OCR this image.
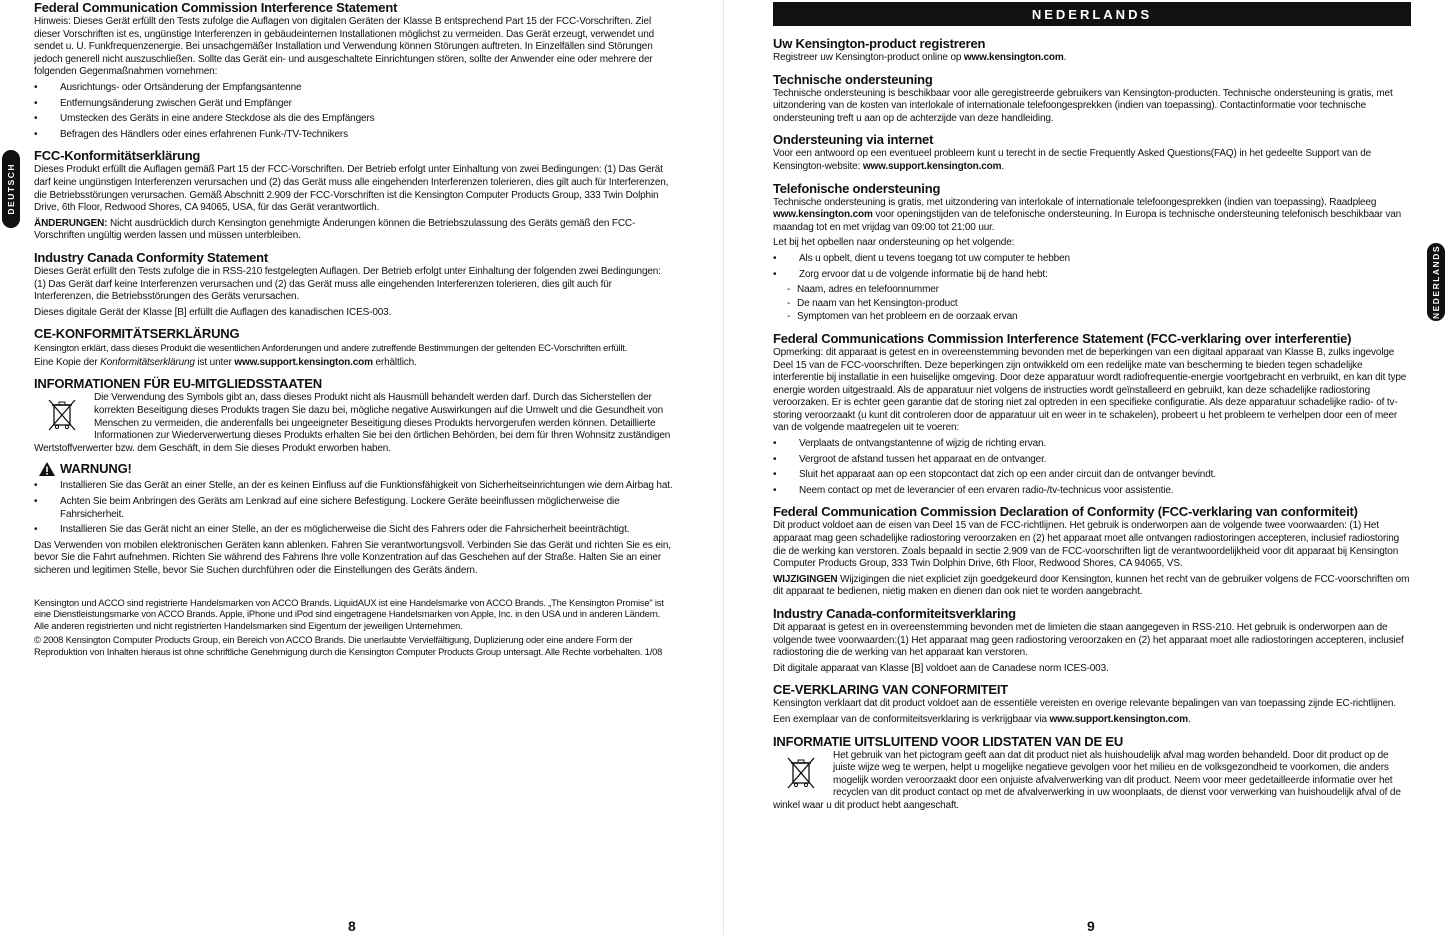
DEUTSCH
Federal Communication Commission Interference Statement

Hinweis: Dieses Gerät erfüllt den Tests zufolge die Auflagen von digitalen Geräten der Klasse B entsprechend Part 15 der FCC-Vorschriften. Ziel dieser Vorschriften ist es, ungünstige Interferenzen in gebäudeinternen Installationen möglichst zu vermeiden. Das Gerät erzeugt, verwendet und sendet u. U. Funkfrequenzenergie. Bei unsachgemäßer Installation und Verwendung können Störungen auftreten. In Einzelfällen sind Störungen jedoch generell nicht auszuschließen. Sollte das Gerät ein- und ausgeschaltete Einrichtungen stören, sollte der Anwender eine oder mehrere der folgenden Gegenmaßnahmen vornehmen:

• Ausrichtungs- oder Ortsänderung der Empfangsantenne
• Entfernungsänderung zwischen Gerät und Empfänger
• Umstecken des Geräts in eine andere Steckdose als die des Empfängers
• Befragen des Händlers oder eines erfahrenen Funk-/TV-Technikers
FCC-Konformitätserklärung

Dieses Produkt erfüllt die Auflagen gemäß Part 15 der FCC-Vorschriften. Der Betrieb erfolgt unter Einhaltung von zwei Bedingungen: (1) Das Gerät darf keine ungünstigen Interferenzen verursachen und (2) das Gerät muss alle eingehenden Interferenzen tolerieren, dies gilt auch für Interferenzen, die Betriebsstörungen verursachen. Gemäß Abschnitt 2.909 der FCC-Vorschriften ist die Kensington Computer Products Group, 333 Twin Dolphin Drive, 6th Floor, Redwood Shores, CA 94065, USA, für das Gerät verantwortlich.

ÄNDERUNGEN: Nicht ausdrücklich durch Kensington genehmigte Änderungen können die Betriebszulassung des Geräts gemäß den FCC-Vorschriften ungültig werden lassen und müssen unterbleiben.

Industry Canada Conformity Statement

Dieses Gerät erfüllt den Tests zufolge die in RSS-210 festgelegten Auflagen. Der Betrieb erfolgt unter Einhaltung der folgenden zwei Bedingungen: (1) Das Gerät darf keine Interferenzen verursachen und (2) das Gerät muss alle eingehenden Interferenzen tolerieren, dies gilt auch für Interferenzen, die Betriebsstörungen des Geräts verursachen.

Dieses digitale Gerät der Klasse [B] erfüllt die Auflagen des kanadischen ICES-003.

CE-KONFORMITÄTSERKLÄRUNG

Kensington erklärt, dass dieses Produkt die wesentlichen Anforderungen und andere zutreffende Bestimmungen der geltenden EC-Vorschriften erfüllt.

Eine Kopie der Konformitätserklärung ist unter www.support.kensington.com erhältlich.

INFORMATIONEN FÜR EU-MITGLIEDSSTAATEN

Die Verwendung des Symbols gibt an, dass dieses Produkt nicht als Hausmüll behandelt werden darf. Durch das Sicherstellen der korrekten Beseitigung dieses Produkts tragen Sie dazu bei, mögliche negative Auswirkungen auf die Umwelt und die Gesundheit von Menschen zu vermeiden, die anderenfalls bei ungeeigneter Beseitigung dieses Produkts hervorgerufen werden können. Detaillierte Informationen zur Wiederverwertung dieses Produkts erhalten Sie bei den örtlichen Behörden, bei dem für Ihren Wohnsitz zuständigen Wertstoffverwerter bzw. dem Geschäft, in dem Sie dieses Produkt erworben haben.

WARNUNG!
• Installieren Sie das Gerät an einer Stelle, an der es keinen Einfluss auf die Funktionsfähigkeit von Sicherheitseinrichtungen wie dem Airbag hat.
• Achten Sie beim Anbringen des Geräts am Lenkrad auf eine sichere Befestigung. Lockere Geräte beeinflussen möglicherweise die Fahrsicherheit.
• Installieren Sie das Gerät nicht an einer Stelle, an der es möglicherweise die Sicht des Fahrers oder die Fahrsicherheit beeinträchtigt.

Das Verwenden von mobilen elektronischen Geräten kann ablenken. Fahren Sie verantwortungsvoll. Verbinden Sie das Gerät und richten Sie es ein, bevor Sie die Fahrt aufnehmen. Richten Sie während des Fahrens Ihre volle Konzentration auf das Geschehen auf der Straße. Halten Sie an einer sicheren und legitimen Stelle, bevor Sie Suchen durchführen oder die Einstellungen des Geräts ändern.

Kensington und ACCO sind registrierte Handelsmarken von ACCO Brands. LiquidAUX ist eine Handelsmarke von ACCO Brands. „The Kensington Promise" ist eine Dienstleistungsmarke von ACCO Brands. Apple, iPhone und iPod sind eingetragene Handelsmarken von Apple, Inc. in den USA und in anderen Ländern. Alle anderen registrierten und nicht registrierten Handelsmarken sind Eigentum der jeweiligen Unternehmen.

© 2008 Kensington Computer Products Group, ein Bereich von ACCO Brands. Die unerlaubte Vervielfältigung, Duplizierung oder eine andere Form der Reproduktion von Inhalten hieraus ist ohne schriftliche Genehmigung durch die Kensington Computer Products Group untersagt. Alle Rechte vorbehalten. 1/08

8
NEDERLANDS
NEDERLANDS
Uw Kensington-product registreren

Registreer uw Kensington-product online op www.kensington.com.

Technische ondersteuning

Technische ondersteuning is beschikbaar voor alle geregistreerde gebruikers van Kensington-producten. Technische ondersteuning is gratis, met uitzondering van de kosten van interlokale of internationale telefoongesprekken (indien van toepassing). Contactinformatie voor technische ondersteuning treft u aan op de achterzijde van deze handleiding.

Ondersteuning via internet

Voor een antwoord op een eventueel probleem kunt u terecht in de sectie Frequently Asked Questions(FAQ) in het gedeelte Support van de Kensington-website: www.support.kensington.com.

Telefonische ondersteuning

Technische ondersteuning is gratis, met uitzondering van interlokale of internationale telefoongesprekken (indien van toepassing). Raadpleeg www.kensington.com voor openingstijden van de telefonische ondersteuning. In Europa is technische ondersteuning telefonisch beschikbaar van maandag tot en met vrijdag van 09:00 tot 21:00 uur.

Let bij het opbellen naar ondersteuning op het volgende:

• Als u opbelt, dient u tevens toegang tot uw computer te hebben
• Zorg ervoor dat u de volgende informatie bij de hand hebt:
- Naam, adres en telefoonnummer
- De naam van het Kensington-product
- Symptomen van het probleem en de oorzaak ervan
Federal Communications Commission Interference Statement (FCC-verklaring over interferentie)

Opmerking: dit apparaat is getest en in overeenstemming bevonden met de beperkingen van een digitaal apparaat van Klasse B, zulks ingevolge Deel 15 van de FCC-voorschriften. Deze beperkingen zijn ontwikkeld om een redelijke mate van bescherming te bieden tegen schadelijke interferentie bij installatie in een huiselijke omgeving. Door deze apparatuur wordt radiofrequentie-energie voortgebracht en verbruikt, en kan dit type energie worden uitgestraald. Als de apparatuur niet volgens de instructies wordt geïnstalleerd en gebruikt, kan deze schadelijke radiostoring veroorzaken. Er is echter geen garantie dat de storing niet zal optreden in een specifieke configuratie. Als deze apparatuur schadelijke radio- of tv-storing veroorzaakt (u kunt dit controleren door de apparatuur uit en weer in te schakelen), probeert u het probleem te verhelpen door een of meer van de volgende maatregelen uit te voeren:

• Verplaats de ontvangstantenne of wijzig de richting ervan.
• Vergroot de afstand tussen het apparaat en de ontvanger.
• Sluit het apparaat aan op een stopcontact dat zich op een ander circuit dan de ontvanger bevindt.
• Neem contact op met de leverancier of een ervaren radio-/tv-technicus voor assistentie.
Federal Communication Commission Declaration of Conformity (FCC-verklaring van conformiteit)

Dit product voldoet aan de eisen van Deel 15 van de FCC-richtlijnen. Het gebruik is onderworpen aan de volgende twee voorwaarden: (1) Het apparaat mag geen schadelijke radiostoring veroorzaken en (2) het apparaat moet alle ontvangen radiostoringen accepteren, inclusief radiostoring die de werking kan verstoren. Zoals bepaald in sectie 2.909 van de FCC-voorschriften ligt de verantwoordelijkheid voor dit apparaat bij Kensington Computer Products Group, 333 Twin Dolphin Drive, 6th Floor, Redwood Shores, CA 94065, VS.

WIJZIGINGEN Wijzigingen die niet expliciet zijn goedgekeurd door Kensington, kunnen het recht van de gebruiker volgens de FCC-voorschriften om dit apparaat te bedienen, nietig maken en dienen dan ook niet te worden aangebracht.

Industry Canada-conformiteitsverklaring

Dit apparaat is getest en in overeenstemming bevonden met de limieten die staan aangegeven in RSS-210. Het gebruik is onderworpen aan de volgende twee voorwaarden:(1) Het apparaat mag geen radiostoring veroorzaken en (2) het apparaat moet alle radiostoringen accepteren, inclusief radiostoring die de werking van het apparaat kan verstoren.

Dit digitale apparaat van Klasse [B] voldoet aan de Canadese norm ICES-003.

CE-VERKLARING VAN CONFORMITEIT

Kensington verklaart dat dit product voldoet aan de essentiële vereisten en overige relevante bepalingen van van toepassing zijnde EC-richtlijnen.

Een exemplaar van de conformiteitsverklaring is verkrijgbaar via www.support.kensington.com.

INFORMATIE UITSLUITEND VOOR LIDSTATEN VAN DE EU

Het gebruik van het pictogram geeft aan dat dit product niet als huishoudelijk afval mag worden behandeld. Door dit product op de juiste wijze weg te werpen, helpt u mogelijke negatieve gevolgen voor het milieu en de volksgezondheid te voorkomen, die anders mogelijk worden veroorzaakt door een onjuiste afvalverwerking van dit product. Neem voor meer gedetailleerde informatie over het recyclen van dit product contact op met de afvalverwerking in uw woonplaats, de dienst voor verwerking van huishoudelijk afval of de winkel waar u dit product hebt aangeschaft.

9
